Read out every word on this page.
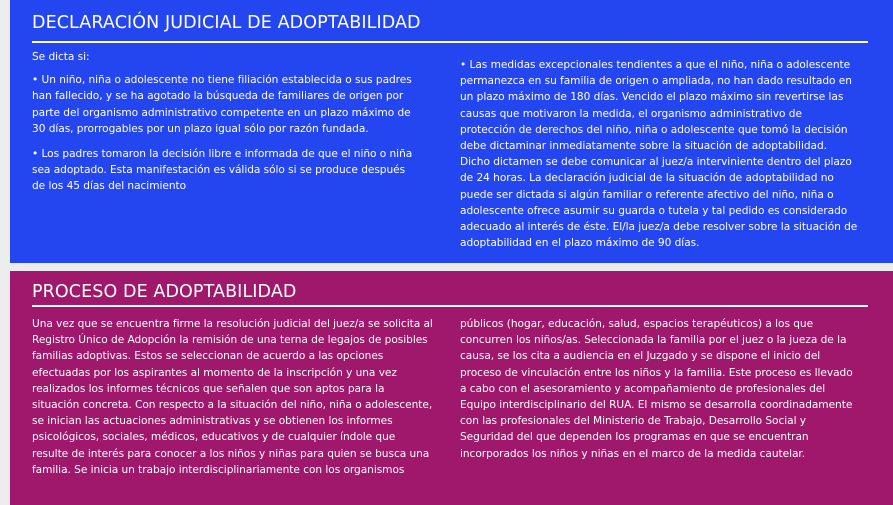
DECLARACIÓN JUDICIAL DE ADOPTABILIDAD

Se dicta si:

• Un niño, niña o adolescente no tiene filiación establecida o sus padres han fallecido, y se ha agotado la búsqueda de familiares de origen por parte del organismo administrativo competente en un plazo máximo de 30 días, prorrogables por un plazo igual sólo por razón fundada.

• Los padres tomaron la decisión libre e informada de que el niño o niña sea adoptado. Esta manifestación es válida sólo si se produce después de los 45 días del nacimiento

• Las medidas excepcionales tendientes a que el niño, niña o adolescente permanezca en su familia de origen o ampliada, no han dado resultado en un plazo máximo de 180 días. Vencido el plazo máximo sin revertirse las causas que motivaron la medida, el organismo administrativo de protección de derechos del niño, niña o adolescente que tomó la decisión debe dictaminar inmediatamente sobre la situación de adoptabilidad. Dicho dictamen se debe comunicar al juez/a interviniente dentro del plazo de 24 horas. La declaración judicial de la situación de adoptabilidad no puede ser dictada si algún familiar o referente afectivo del niño, niña o adolescente ofrece asumir su guarda o tutela y tal pedido es considerado adecuado al interés de éste. El/la juez/a debe resolver sobre la situación de adoptabilidad en el plazo máximo de 90 días.

PROCESO DE ADOPTABILIDAD

Una vez que se encuentra firme la resolución judicial del juez/a se solicita al Registro Único de Adopción la remisión de una terna de legajos de posibles familias adoptivas. Estos se seleccionan de acuerdo a las opciones efectuadas por los aspirantes al momento de la inscripción y una vez realizados los informes técnicos que señalen que son aptos para la situación concreta. Con respecto a la situación del niño, niña o adolescente, se inician las actuaciones administrativas y se obtienen los informes psicológicos, sociales, médicos, educativos y de cualquier índole que resulte de interés para conocer a los niños y niñas para quien se busca una familia. Se inicia un trabajo interdisciplinariamente con los organismos

públicos (hogar, educación, salud, espacios terapéuticos) a los que concurren los niños/as. Seleccionada la familia por el juez o la jueza de la causa, se los cita a audiencia en el Juzgado y se dispone el inicio del proceso de vinculación entre los niños y la familia. Este proceso es llevado a cabo con el asesoramiento y acompañamiento de profesionales del Equipo interdisciplinario del RUA. El mismo se desarrolla coordinadamente con las profesionales del Ministerio de Trabajo, Desarrollo Social y Seguridad del que dependen los programas en que se encuentran incorporados los niños y niñas en el marco de la medida cautelar.
